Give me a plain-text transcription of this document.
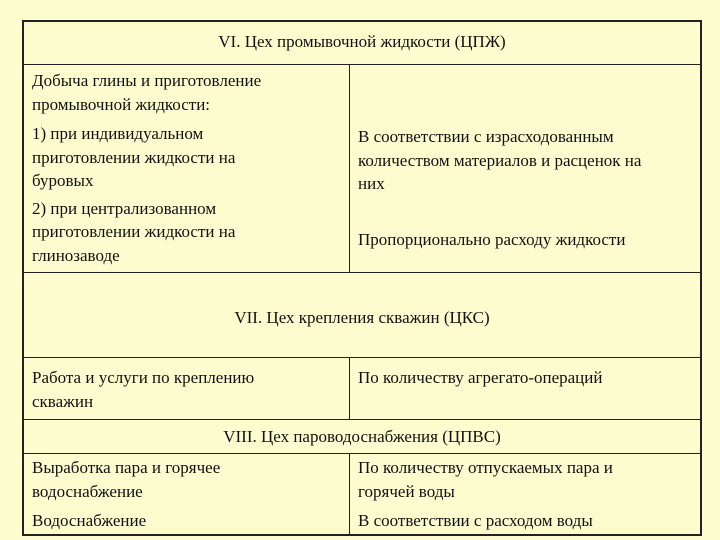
VI. Цех промывочной жидкости (ЦПЖ)
Добыча глины и приготовление
промывочной жидкости:
1) при индивидуальном
приготовлении жидкости на
буровых
2) при централизованном
приготовлении жидкости на
глинозаводе
В соответствии с израсходованным
количеством материалов и расценок на
них
Пропорционально расходу жидкости
VII. Цех крепления скважин (ЦКС)
Работа и услуги по креплению
скважин
По количеству агрегато-операций
VIII. Цех пароводоснабжения (ЦПВС)
Выработка пара и горячее
водоснабжение
Водоснабжение
По количеству отпускаемых пара и
горячей воды
В соответствии с расходом воды
